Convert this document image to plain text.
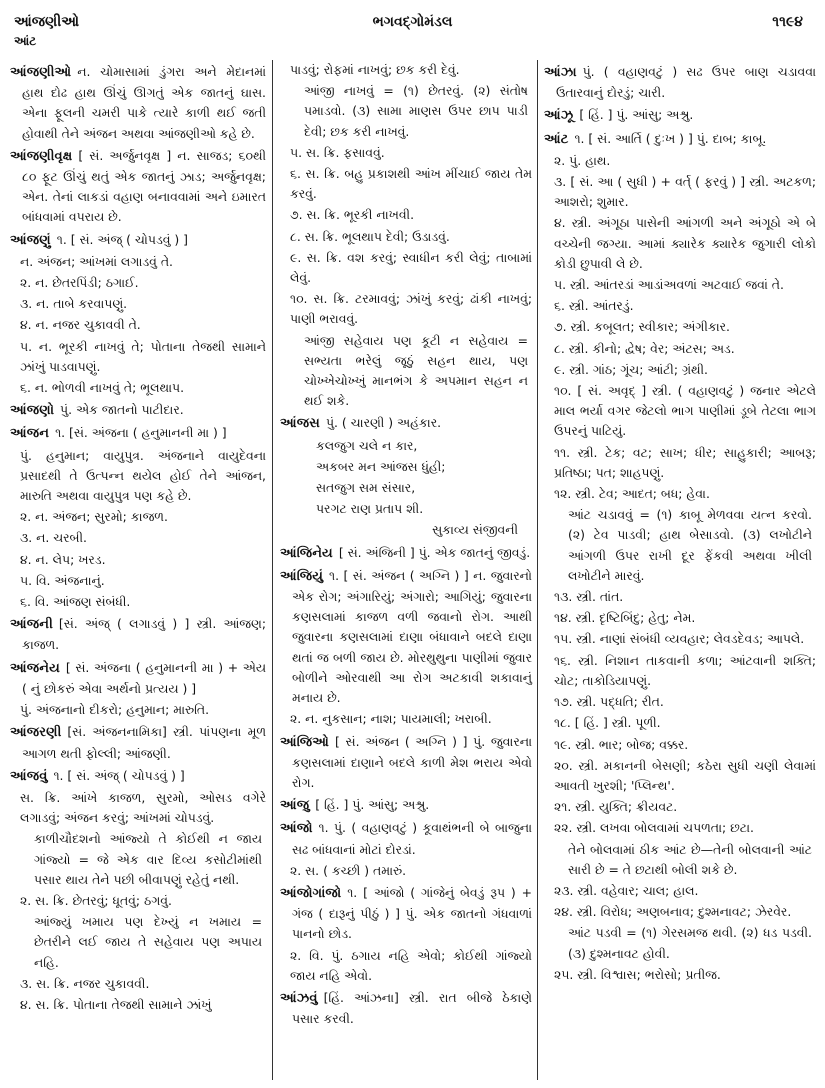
આંજણીઓ
આંટ
ભગવદ્ગોમંડલ	૧૧૯૪
આંજણીઓ ન. ચોમાસામાં ડુંગરા અને મેદાનમાં હાથ દોઢ હાથ ઊંચું ઊગતું એક જાતનું ઘાસ. એના ફૂલની ચમરી પાકે ત્યારે કાળી થઈ જતી હોવાથી તેને અંજન અથવા આંજણીઓ કહે છે.
આંજણીવૃક્ષ [ સં. અર્જુનવૃક્ષ ] ન. સાજડ; ૬૦થી ૮૦ ફૂટ ઊંચું થતું એક જાતનું ઝાડ; અર્જુનવૃક્ષ; એન. તેનાં લાકડાં વહાણ બનાવવામાં અને ઇમારત બાંધવામાં વપરાય છે.
આંજણું ૧. [ સં. અંજ્ ( ચોપડવું ) ]
ન. અંજન; આંખમાં લગાડવું તે.
૨. ન. છેતરપિંડી; ઠગાઈ.
૩. ન. તાબે કરવાપણું.
૪. ન. નજર ચુકાવવી તે.
૫. ન. ભૂરકી નાખવું તે; પોતાના તેજથી સામાને ઝાંખું પાડવાપણું.
૬. ન. ભોળવી નાખવું તે; ભૂલથાપ.
આંજણો પું. એક જાતનો પાટીદાર.
આંજન ૧. [સં. અંજના ( હનુમાનની મા ) ]
પું. હનુમાન; વાયુપુત્ર. અંજનાને વાયુદેવના પ્રસાદથી તે ઉત્પન્ન થયેલ હોઈ તેને આંજન, મારુતિ અથવા વાયુપુત્ર પણ કહે છે.
૨. ન. અંજન; સુરમો; કાજળ.
૩. ન. ચરબી.
૪. ન. લેપ; ખરડ.
૫. વિ. અંજનાનું.
૬. વિ. આંજણ સંબંધી.
આંજની [સં. અંજ્ ( લગાડવું ) ] સ્ત્રી. આંજણ; કાજળ.
આંજનેય [ સં. અંજના ( હનુમાનની મા ) + એય ( નું છોકરું એવા અર્થનો પ્રત્યય ) ]
પું. અંજનાનો દીકરો; હનુમાન; મારુતિ.
આંજરણી [સં. અંજનનામિકા] સ્ત્રી. પાંપણના મૂળ આગળ થતી ફોલ્લી; આંજણી.
આંજવું ૧. [ સં. અંજ્ ( ચોપડવું ) ]
સ. ક્રિ. આંખે કાજળ, સુરમો, ઓસડ વગેરે લગાડવું; અંજન કરવું; આંખમાં ચોપડવું.
કાળીચૌદશનો આંજ્યો તે કોઈથી ન જાય ગાંજ્યો = જે એક વાર દિવ્ય કસોટીમાંથી પસાર થાય તેને પછી બીવાપણું રહેતું નથી.
૨. સ. ક્રિ. છેતરવું; ધૂતવું; ઠગવું.
આંજ્યું ખમાય પણ દેખ્યું ન ખમાય = છેતરીને લઈ જાય તે સહેવાય પણ અપાય નહિ.
૩. સ. ક્રિ. નજર ચુકાવવી.
૪. સ. ક્રિ. પોતાના તેજથી સામાને ઝાંખું
પાડવું; રોફમાં નાખવું; છક કરી દેવું.
આંજી નાખવું = (૧) છેતરવું. (૨) સંતોષ પમાડવો. (૩) સામા માણસ ઉપર છાપ પાડી દેવી; છક કરી નાખવું.
૫. સ. ક્રિ. ફસાવવું.
૬. સ. ક્રિ. બહુ પ્રકાશથી આંખ મીંચાઈ જાય તેમ કરવું.
૭. સ. ક્રિ. ભૂરકી નાખવી.
૮. સ. ક્રિ. ભૂલથાપ દેવી; ઉડાડવું.
૯. સ. ક્રિ. વશ કરવું; સ્વાધીન કરી લેવું; તાબામાં લેવું.
૧૦. સ. ક્રિ. ટરમાવવું; ઝાંખું કરવું; ઢાંકી નાખવું; પાણી ભરાવવું.
આંજી સહેવાય પણ કૂટી ન સહેવાય = સભ્યતા ભરેલું જૂઠું સહન થાય, પણ ચોખ્ખેચોખ્ખું માનભંગ કે અપમાન સહન ન થઈ શકે.
આંજસ પું. ( ચારણી ) અહંકાર.
કલજુગ ચલે ન કાર,
અકબર મન આંજસ ધુંહી;
સતજુગ સમ સંસાર,
પરગટ રાણ પ્રતાપ શી.
સુકાવ્ય સંજીવની
આંજિનેય [ સં. અંજિની ] પું. એક જાતનું જીવડું.
આંજિયું ૧. [ સં. અંજન ( અગ્નિ ) ] ન. જુવારનો એક રોગ; અંગારિયું; અંગારો; આગિયું; જુવારના કણસલામાં કાજળ વળી જવાનો રોગ. આથી જુવારના કણસલામાં દાણા બંધાવાને બદલે દાણા થતાં જ બળી જાય છે. મોરથુથુના પાણીમાં જુવાર બોળીને ઓરવાથી આ રોગ અટકાવી શકાવાનું મનાય છે.
૨. ન. નુકસાન; નાશ; પાયમાલી; ખરાબી.
આંજિઓ [ સં. અંજન ( અગ્નિ ) ] પું. જુવારના કણસલામાં દાણાને બદલે કાળી મેશ ભરાય એવો રોગ.
આંજુ [ હિં. ] પું. આંસુ; અશ્રુ.
આંજો ૧. પું. ( વહાણવટું ) કૂવાથંભની બે બાજુના સઢ બાંધવાનાં મોટાં દોરડાં.
૨. સ. ( કચ્છી ) તમારું.
આંજોગાંજો ૧. [ આંજો ( ગાંજેનું બેવડું રૂપ ) + ગંજ ( દારૂનું પીઠું ) ] પું. એક જાતનો ગંધવાળાં પાનનો છોડ.
૨. વિ. પું. ઠગાય નહિ એવો; કોઈથી ગાંજ્યો જાય નહિ એવો.
આંઝવું [હિં. આંઝના] સ્ત્રી. રાત બીજે ઠેકાણે પસાર કરવી.
આંઝા પું. ( વહાણવટું ) સઢ ઉપર બાણ ચડાવવા ઉતારવાનું દોરડું; ચારી.
આંઝૂ [ હિં. ] પું. આંસુ; અશ્રુ.
આંટ ૧. [ સં. આર્તિ ( દુઃખ ) ] પું. દાબ; કાબૂ.
૨. પું. હાથ.
૩. [ સં. આ ( સુધી ) + વર્ત્ ( ફરવું ) ] સ્ત્રી. અટકળ; આશરો; શુમાર.
૪. સ્ત્રી. અંગૂઠા પાસેની આંગળી અને અંગૂઠો એ બે વચ્ચેની જગ્યા. આમાં ક્યારેક ક્યારેક જુગારી લોકો કોડી છુપાવી લે છે.
૫. સ્ત્રી. આંતરડાં આડાંઅવળાં અટવાઈ જવાં તે.
૬. સ્ત્રી. આંતરડું.
૭. સ્ત્રી. કબૂલત; સ્વીકાર; અંગીકાર.
૮. સ્ત્રી. કીનો; દ્વેષ; વેર; અંટસ; અડ.
૯. સ્ત્રી. ગાંઠ; ગૂંચ; આંટી; ગ્રંથી.
૧૦. [ સં. અવૃદ્ ] સ્ત્રી. ( વહાણવટું ) જનાર એટલે માલ ભર્યા વગર જેટલો ભાગ પાણીમાં ડૂબે તેટલા ભાગ ઉપરનું પાટિયું.
૧૧. સ્ત્રી. ટેક; વટ; સાખ; ધીર; સાહુકારી; આબરૂ; પ્રતિષ્ઠા; પત; શાહપણું.
૧૨. સ્ત્રી. ટેવ; આદત; બધ; હેવા.
આંટ ચડાવવું = (૧) કાબૂ મેળવવા યત્ન કરવો. (૨) ટેવ પાડવી; હાથ બેસાડવો. (૩) લખોટીને આંગળી ઉપર રાખી દૂર ફેંકવી અથવા ખીલી લખોટીને મારવું.
૧૩. સ્ત્રી. તાંત.
૧૪. સ્ત્રી. દૃષ્ટિબિંદુ; હેતુ; નેમ.
૧૫. સ્ત્રી. નાણાં સંબંધી વ્યવહાર; લેવડદેવડ; આપલે.
૧૬. સ્ત્રી. નિશાન તાકવાની કળા; આંટવાની શક્તિ; ચોટ; તાકોડિયાપણું.
૧૭. સ્ત્રી. પદ્ધતિ; રીત.
૧૮. [ હિં. ] સ્ત્રી. પૂળી.
૧૯. સ્ત્રી. ભાર; બોજ; વક્કર.
૨૦. સ્ત્રી. મકાનની બેસણી; કઠેરા સુધી ચણી લેવામાં આવતી ખુરશી; 'પ્લિન્થ'.
૨૧. સ્ત્રી. યુક્તિ; ક્રીયવટ.
૨૨. સ્ત્રી. લખવા બોલવામાં ચપળતા; છટા.
તેને બોલવામાં ઠીક આંટ છે—તેની બોલવાની આંટ સારી છે = તે છટાથી બોલી શકે છે.
૨૩. સ્ત્રી. વહેવાર; ચાલ; હાલ.
૨૪. સ્ત્રી. વિરોધ; અણબનાવ; દુશ્મનાવટ; ઝેરવેર.
આંટ પડવી = (૧) ગેરસમજ થવી. (૨) ધડ પડવી. (૩) દુશ્મનાવટ હોવી.
૨૫. સ્ત્રી. વિશ્વાસ; ભરોસો; પ્રતીજ.
